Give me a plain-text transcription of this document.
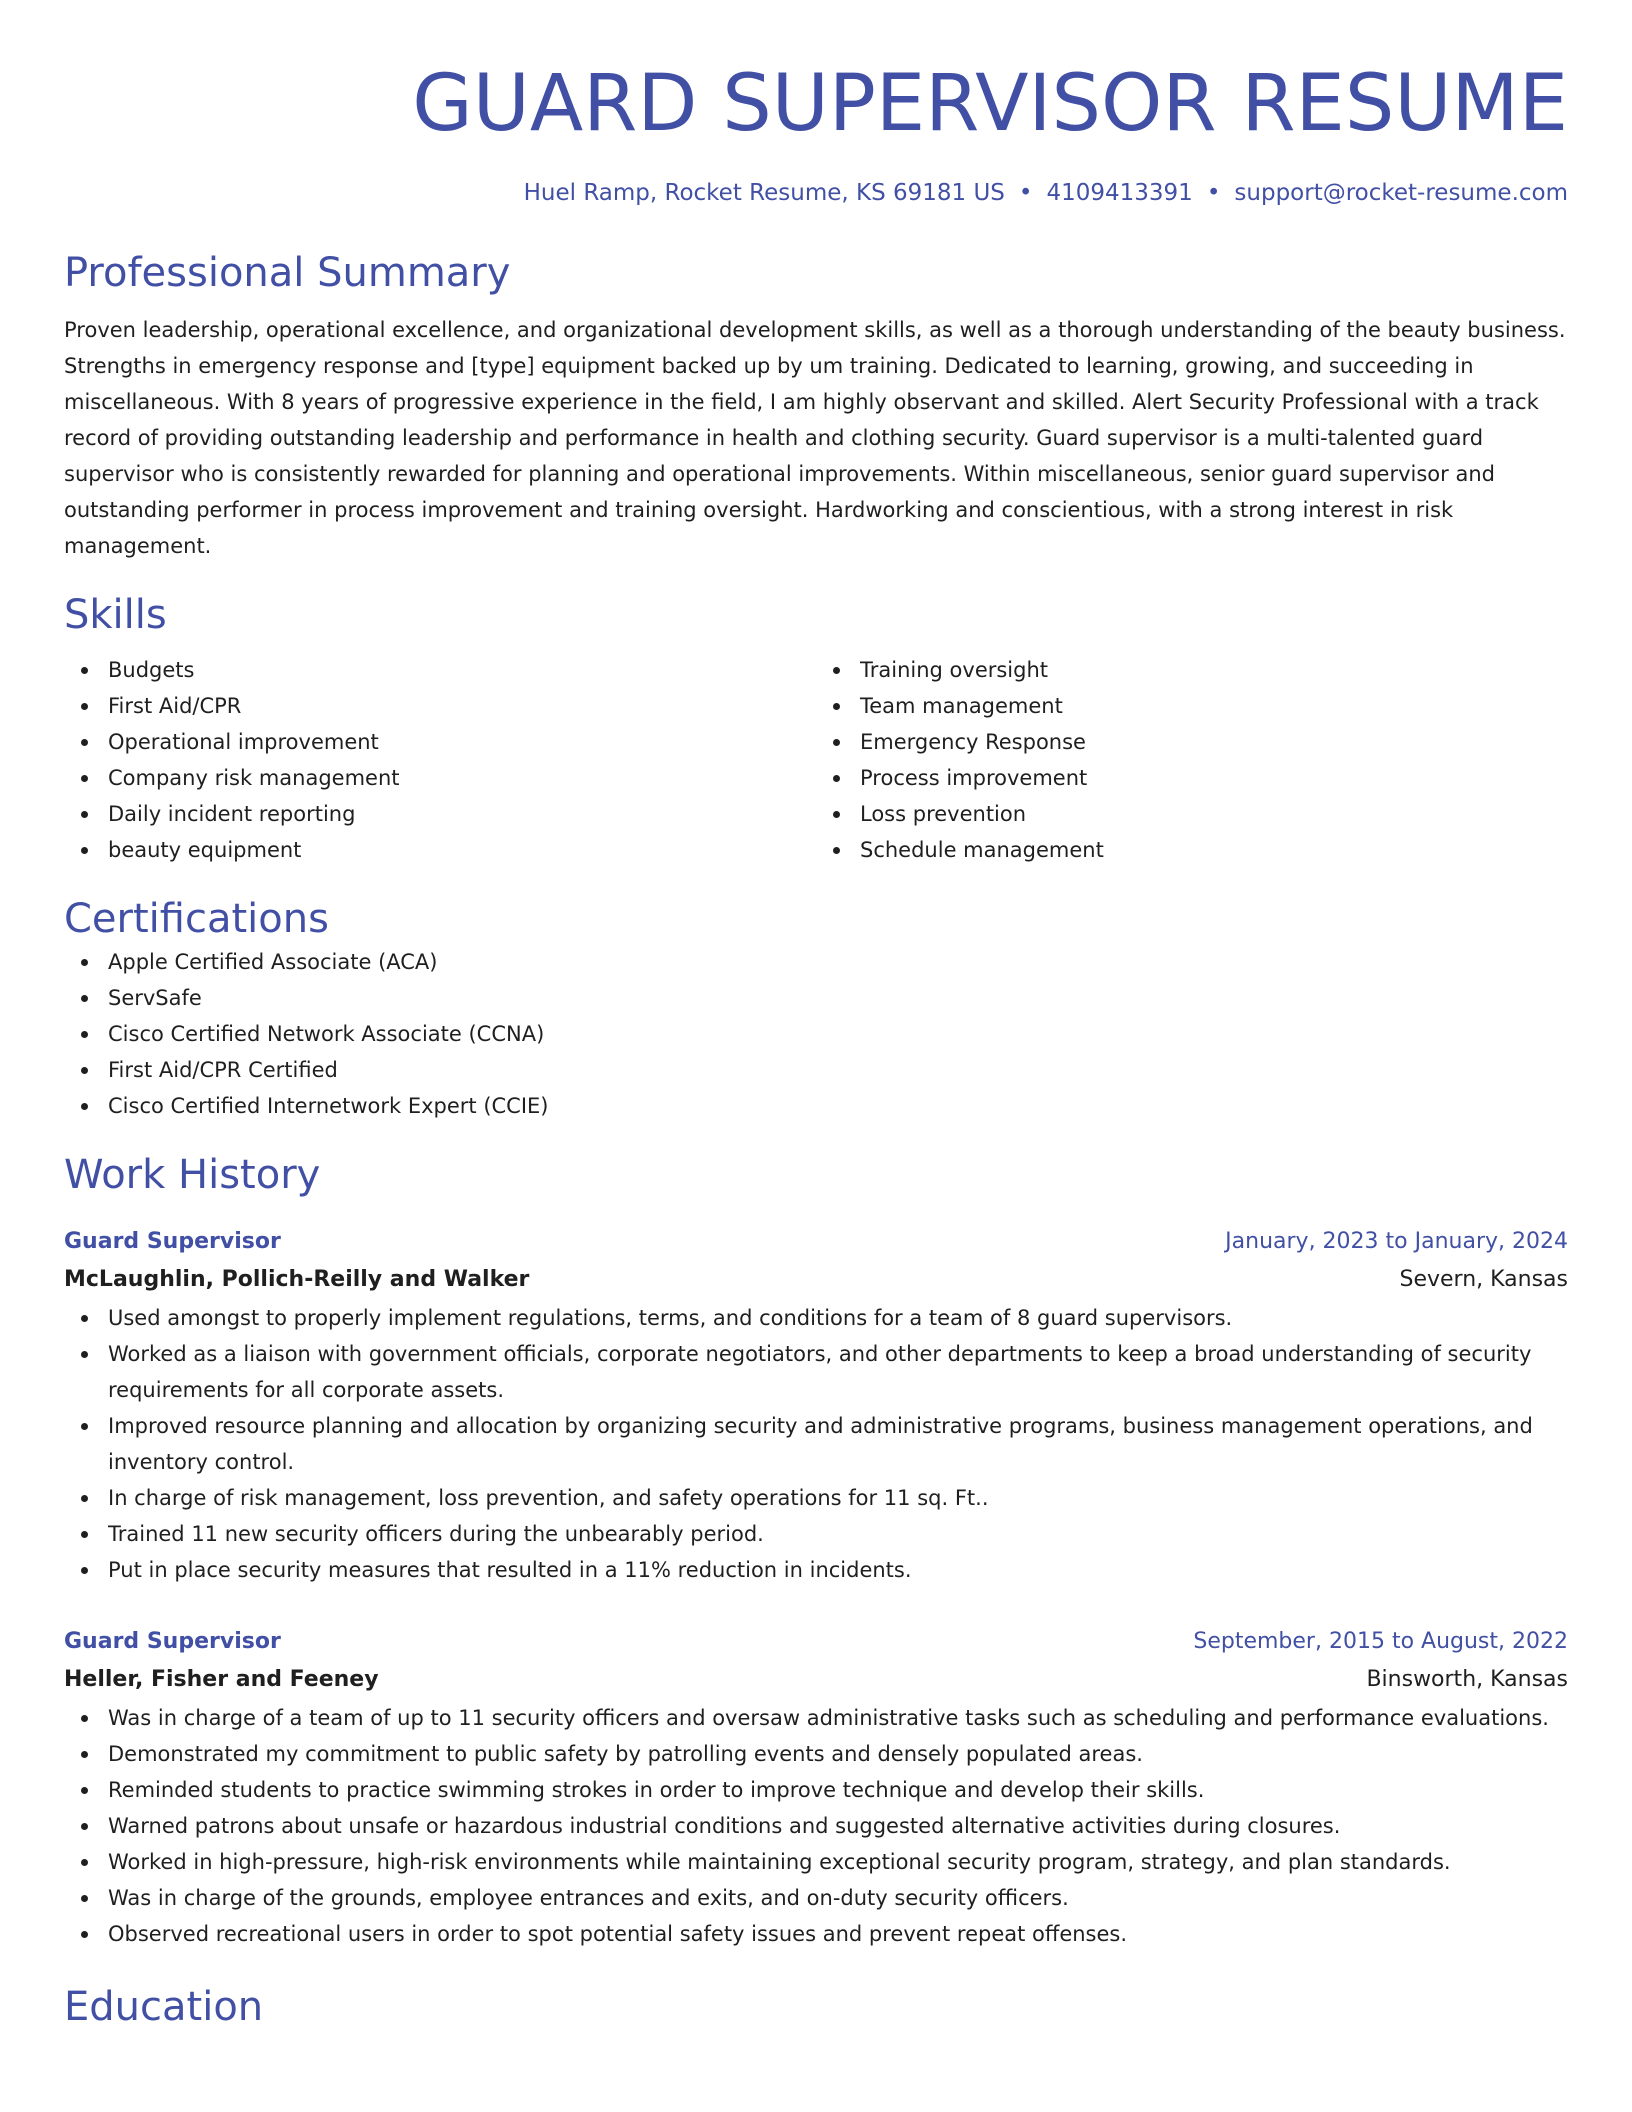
GUARD SUPERVISOR RESUME
Huel Ramp, Rocket Resume, KS 69181 US • 4109413391 • support@rocket-resume.com
Professional Summary

Proven leadership, operational excellence, and organizational development skills, as well as a thorough understanding of the beauty business. Strengths in emergency response and [type] equipment backed up by um training. Dedicated to learning, growing, and succeeding in miscellaneous. With 8 years of progressive experience in the field, I am highly observant and skilled. Alert Security Professional with a track record of providing outstanding leadership and performance in health and clothing security. Guard supervisor is a multi-talented guard supervisor who is consistently rewarded for planning and operational improvements. Within miscellaneous, senior guard supervisor and outstanding performer in process improvement and training oversight. Hardworking and conscientious, with a strong interest in risk management.

Skills
Budgets
First Aid/CPR
Operational improvement
Company risk management
Daily incident reporting
beauty equipment
Training oversight
Team management
Emergency Response
Process improvement
Loss prevention
Schedule management
Certifications
Apple Certified Associate (ACA)
ServSafe
Cisco Certified Network Associate (CCNA)
First Aid/CPR Certified
Cisco Certified Internetwork Expert (CCIE)
Work History
Guard Supervisor	January, 2023 to January, 2024
McLaughlin, Pollich-Reilly and Walker	Severn, Kansas
Used amongst to properly implement regulations, terms, and conditions for a team of 8 guard supervisors.
Worked as a liaison with government officials, corporate negotiators, and other departments to keep a broad understanding of security requirements for all corporate assets.
Improved resource planning and allocation by organizing security and administrative programs, business management operations, and inventory control.
In charge of risk management, loss prevention, and safety operations for 11 sq. Ft..
Trained 11 new security officers during the unbearably period.
Put in place security measures that resulted in a 11% reduction in incidents.
Guard Supervisor	September, 2015 to August, 2022
Heller, Fisher and Feeney	Binsworth, Kansas
Was in charge of a team of up to 11 security officers and oversaw administrative tasks such as scheduling and performance evaluations.
Demonstrated my commitment to public safety by patrolling events and densely populated areas.
Reminded students to practice swimming strokes in order to improve technique and develop their skills.
Warned patrons about unsafe or hazardous industrial conditions and suggested alternative activities during closures.
Worked in high-pressure, high-risk environments while maintaining exceptional security program, strategy, and plan standards.
Was in charge of the grounds, employee entrances and exits, and on-duty security officers.
Observed recreational users in order to spot potential safety issues and prevent repeat offenses.
Education
